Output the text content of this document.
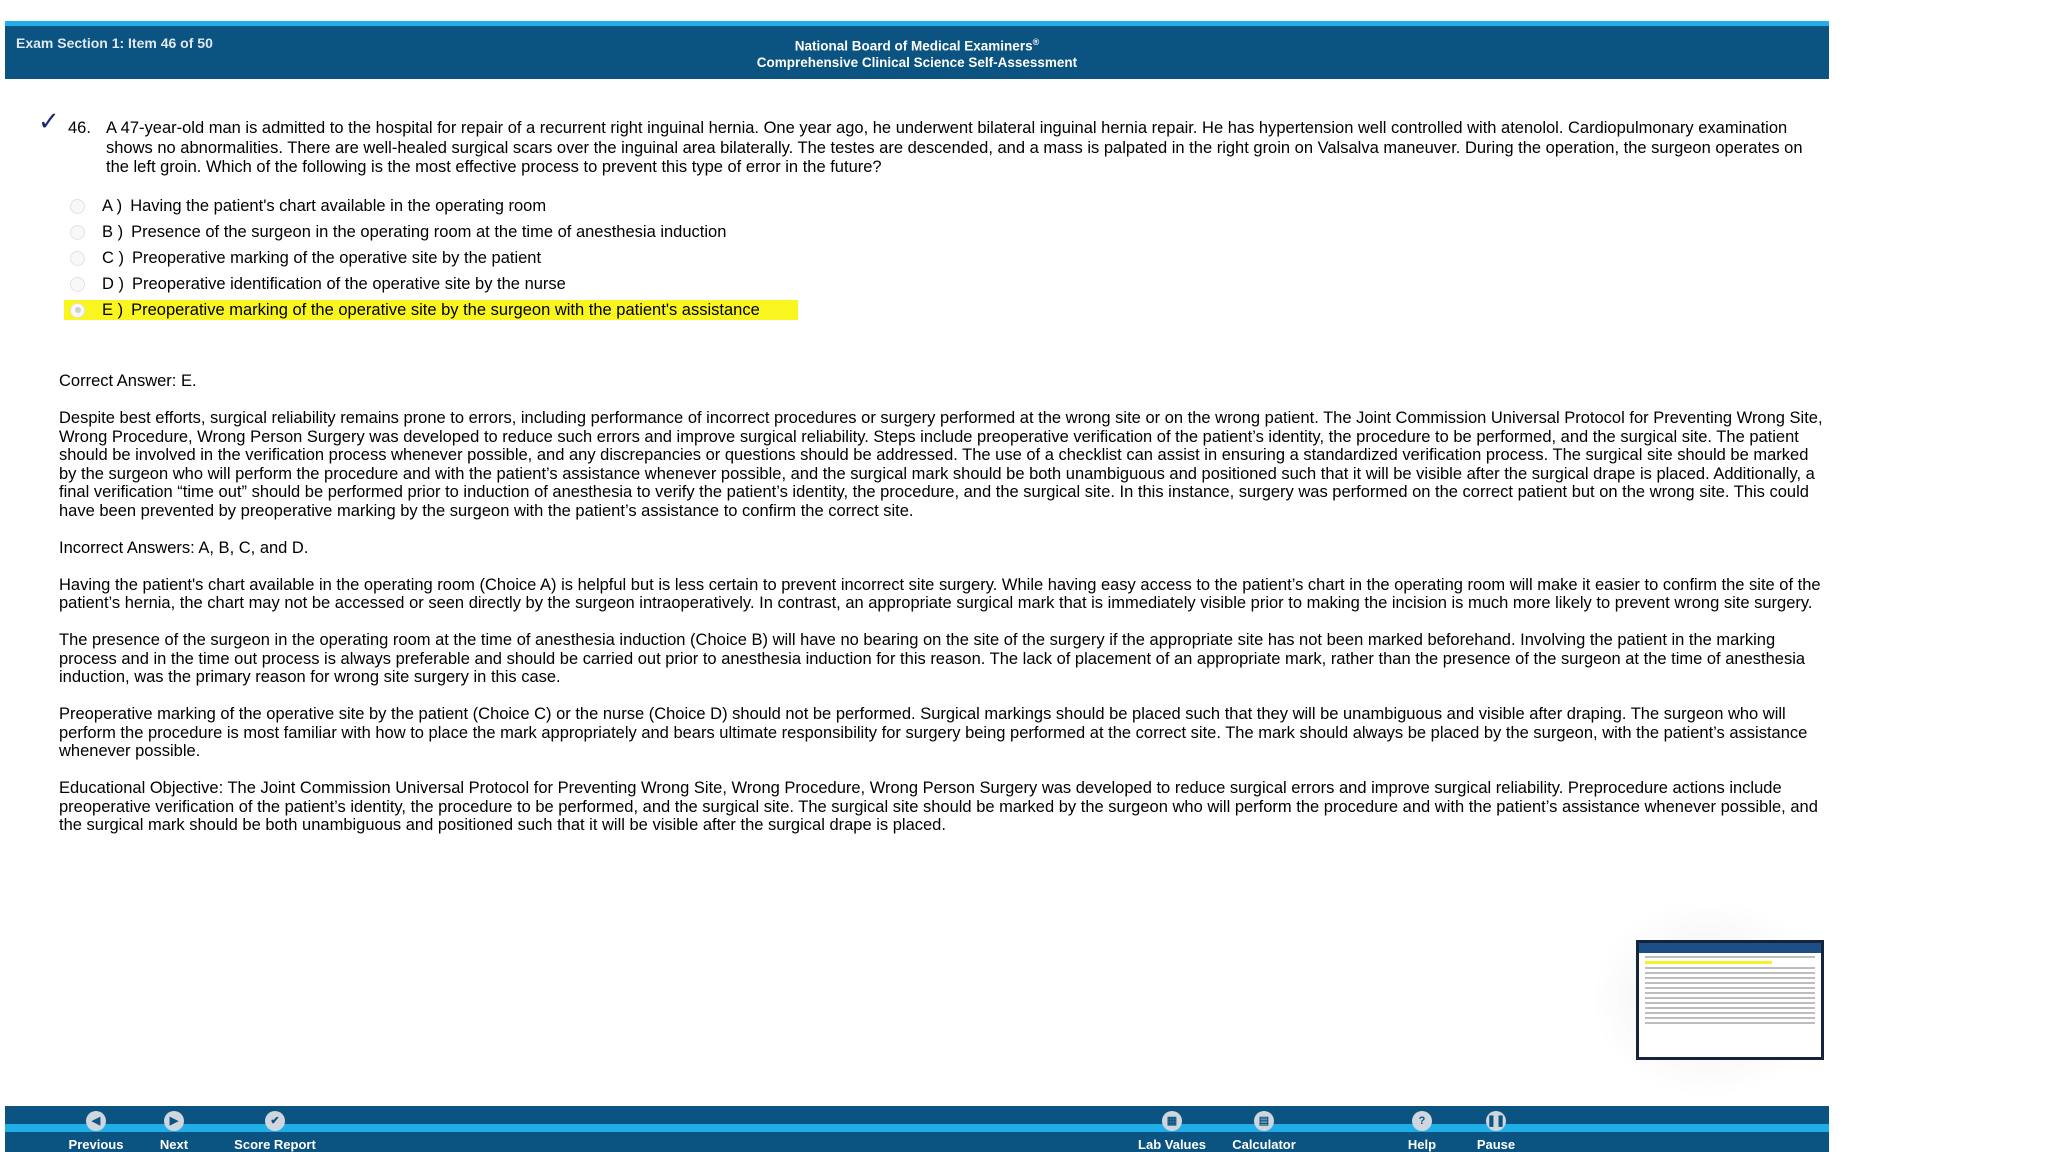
Exam Section 1: Item 46 of 50	National Board of Medical Examiners®
Comprehensive Clinical Science Self-Assessment
✓ 46. A 47-year-old man is admitted to the hospital for repair of a recurrent right inguinal hernia. One year ago, he underwent bilateral inguinal hernia repair. He has hypertension well controlled with atenolol. Cardiopulmonary examination shows no abnormalities. There are well-healed surgical scars over the inguinal area bilaterally. The testes are descended, and a mass is palpated in the right groin on Valsalva maneuver. During the operation, the surgeon operates on the left groin. Which of the following is the most effective process to prevent this type of error in the future?
A ) Having the patient's chart available in the operating room
B ) Presence of the surgeon in the operating room at the time of anesthesia induction
C ) Preoperative marking of the operative site by the patient
D ) Preoperative identification of the operative site by the nurse
E ) Preoperative marking of the operative site by the surgeon with the patient's assistance

Correct Answer: E.

Despite best efforts, surgical reliability remains prone to errors, including performance of incorrect procedures or surgery performed at the wrong site or on the wrong patient. The Joint Commission Universal Protocol for Preventing Wrong Site, Wrong Procedure, Wrong Person Surgery was developed to reduce such errors and improve surgical reliability. Steps include preoperative verification of the patient’s identity, the procedure to be performed, and the surgical site. The patient should be involved in the verification process whenever possible, and any discrepancies or questions should be addressed. The use of a checklist can assist in ensuring a standardized verification process. The surgical site should be marked by the surgeon who will perform the procedure and with the patient’s assistance whenever possible, and the surgical mark should be both unambiguous and positioned such that it will be visible after the surgical drape is placed. Additionally, a final verification “time out” should be performed prior to induction of anesthesia to verify the patient’s identity, the procedure, and the surgical site. In this instance, surgery was performed on the correct patient but on the wrong site. This could have been prevented by preoperative marking by the surgeon with the patient’s assistance to confirm the correct site.

Incorrect Answers: A, B, C, and D.

Having the patient's chart available in the operating room (Choice A) is helpful but is less certain to prevent incorrect site surgery. While having easy access to the patient’s chart in the operating room will make it easier to confirm the site of the patient’s hernia, the chart may not be accessed or seen directly by the surgeon intraoperatively. In contrast, an appropriate surgical mark that is immediately visible prior to making the incision is much more likely to prevent wrong site surgery.

The presence of the surgeon in the operating room at the time of anesthesia induction (Choice B) will have no bearing on the site of the surgery if the appropriate site has not been marked beforehand. Involving the patient in the marking process and in the time out process is always preferable and should be carried out prior to anesthesia induction for this reason. The lack of placement of an appropriate mark, rather than the presence of the surgeon at the time of anesthesia induction, was the primary reason for wrong site surgery in this case.

Preoperative marking of the operative site by the patient (Choice C) or the nurse (Choice D) should not be performed. Surgical markings should be placed such that they will be unambiguous and visible after draping. The surgeon who will perform the procedure is most familiar with how to place the mark appropriately and bears ultimate responsibility for surgery being performed at the correct site. The mark should always be placed by the surgeon, with the patient’s assistance whenever possible.

Educational Objective: The Joint Commission Universal Protocol for Preventing Wrong Site, Wrong Procedure, Wrong Person Surgery was developed to reduce surgical errors and improve surgical reliability. Preprocedure actions include preoperative verification of the patient’s identity, the procedure to be performed, and the surgical site. The surgical site should be marked by the surgeon who will perform the procedure and with the patient’s assistance whenever possible, and the surgical mark should be both unambiguous and positioned such that it will be visible after the surgical drape is placed.

◀
Previous
▶
Next
✔
Score Report
▦
Lab Values
▤
Calculator
?
Help
❚❚
Pause
